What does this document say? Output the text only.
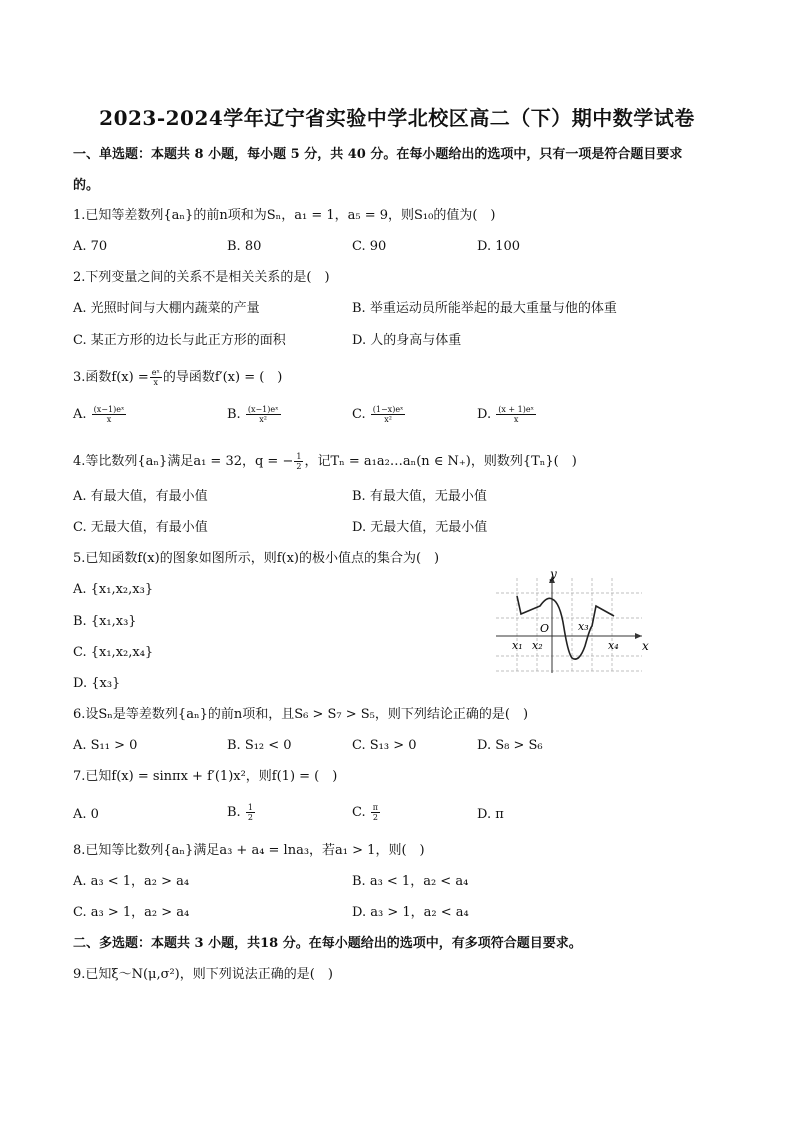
2023-2024学年辽宁省实验中学北校区高二（下）期中数学试卷
一、单选题：本题共 8 小题，每小题 5 分，共 40 分。在每小题给出的选项中，只有一项是符合题目要求
的。
1.已知等差数列{aₙ}的前n项和为Sₙ，a₁ = 1，a₅ = 9，则S₁₀的值为(　)
A. 70	B. 80	C. 90	D. 100
2.下列变量之间的关系不是相关关系的是(　)
A. 光照时间与大棚内蔬菜的产量	B. 举重运动员所能举起的最大重量与他的体重
C. 某正方形的边长与此正方形的面积	D. 人的身高与体重
3.函数$f(x) = \frac{\text{eˣ}}{x}$ 的导函数f′(x) = (　)
A. $\frac{\text{(x−1)eˣ}}{x}$	B. $\frac{\text{(x−1)eˣ}}{\text{x²}}$	C. $\frac{\text{(1−x)eˣ}}{\text{x²}}$	D. $\frac{\text{(x + 1)eˣ}}{x}$
4.等比数列{aₙ}满足a₁ = 32，q = − $\frac{1}{2}$ ，记Tₙ = a₁a₂…aₙ(n ∈ N₊)，则数列{Tₙ}(　)
A. 有最大值，有最小值	B. 有最大值，无最小值
C. 无最大值，有最小值	D. 无最大值，无最小值
5.已知函数f(x)的图象如图所示，则f(x)的极小值点的集合为(　)
A. {x₁,x₂,x₃}
B. {x₁,x₃}
C. {x₁,x₂,x₄}
D. {x₃}
y
x
O
x₁ x₂
x₃
x₄
6.设Sₙ是等差数列{aₙ}的前n项和，且S₆ > S₇ > S₅，则下列结论正确的是(　)
A. S₁₁ > 0	B. S₁₂ < 0	C. S₁₃ > 0	D. S₈ > S₆
7.已知f(x) = sinπx + f′(1)x²，则f(1) = (　)
A. 0	B. $\frac{1}{2}$	C. $\frac{\pi}{2}$	D. π
8.已知等比数列{aₙ}满足a₃ + a₄ = lna₃，若a₁ > 1，则(　)
A. a₃ < 1，a₂ > a₄	B. a₃ < 1，a₂ < a₄
C. a₃ > 1，a₂ > a₄	D. a₃ > 1，a₂ < a₄
二、多选题：本题共 3 小题，共18 分。在每小题给出的选项中，有多项符合题目要求。
9.已知ξ～N(μ,σ²)，则下列说法正确的是(　)
